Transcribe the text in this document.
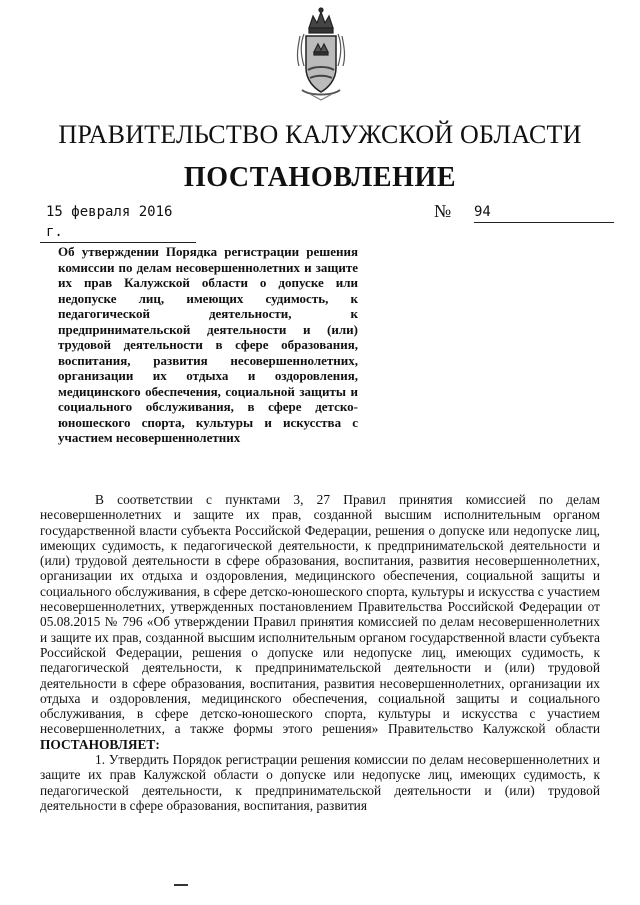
ПРАВИТЕЛЬСТВО КАЛУЖСКОЙ ОБЛАСТИ
ПОСТАНОВЛЕНИЕ
15 февраля 2016 г.
№ 94
Об утверждении Порядка регистрации решения комиссии по делам несовершеннолетних и защите их прав Калужской области о допуске или недопуске лиц, имеющих судимость, к педагогической деятельности, к предпринимательской деятельности и (или) трудовой деятельности в сфере образования, воспитания, развития несовершеннолетних, организации их отдыха и оздоровления, медицинского обеспечения, социальной защиты и социального обслуживания, в сфере детско-юношеского спорта, культуры и искусства с участием несовершеннолетних

В соответствии с пунктами 3, 27 Правил принятия комиссией по делам несовершеннолетних и защите их прав, созданной высшим исполнительным органом государственной власти субъекта Российской Федерации, решения о допуске или недопуске лиц, имеющих судимость, к педагогической деятельности, к предпринимательской деятельности и (или) трудовой деятельности в сфере образования, воспитания, развития несовершеннолетних, организации их отдыха и оздоровления, медицинского обеспечения, социальной защиты и социального обслуживания, в сфере детско-юношеского спорта, культуры и искусства с участием несовершеннолетних, утвержденных постановлением Правительства Российской Федерации от 05.08.2015 № 796 «Об утверждении Правил принятия комиссией по делам несовершеннолетних и защите их прав, созданной высшим исполнительным органом государственной власти субъекта Российской Федерации, решения о допуске или недопуске лиц, имеющих судимость, к педагогической деятельности, к предпринимательской деятельности и (или) трудовой деятельности в сфере образования, воспитания, развития несовершеннолетних, организации их отдыха и оздоровления, медицинского обеспечения, социальной защиты и социального обслуживания, в сфере детско-юношеского спорта, культуры и искусства с участием несовершеннолетних, а также формы этого решения» Правительство Калужской области ПОСТАНОВЛЯЕТ:

1. Утвердить Порядок регистрации решения комиссии по делам несовершеннолетних и защите их прав Калужской области о допуске или недопуске лиц, имеющих судимость, к педагогической деятельности, к предпринимательской деятельности и (или) трудовой деятельности в сфере образования, воспитания, развития
